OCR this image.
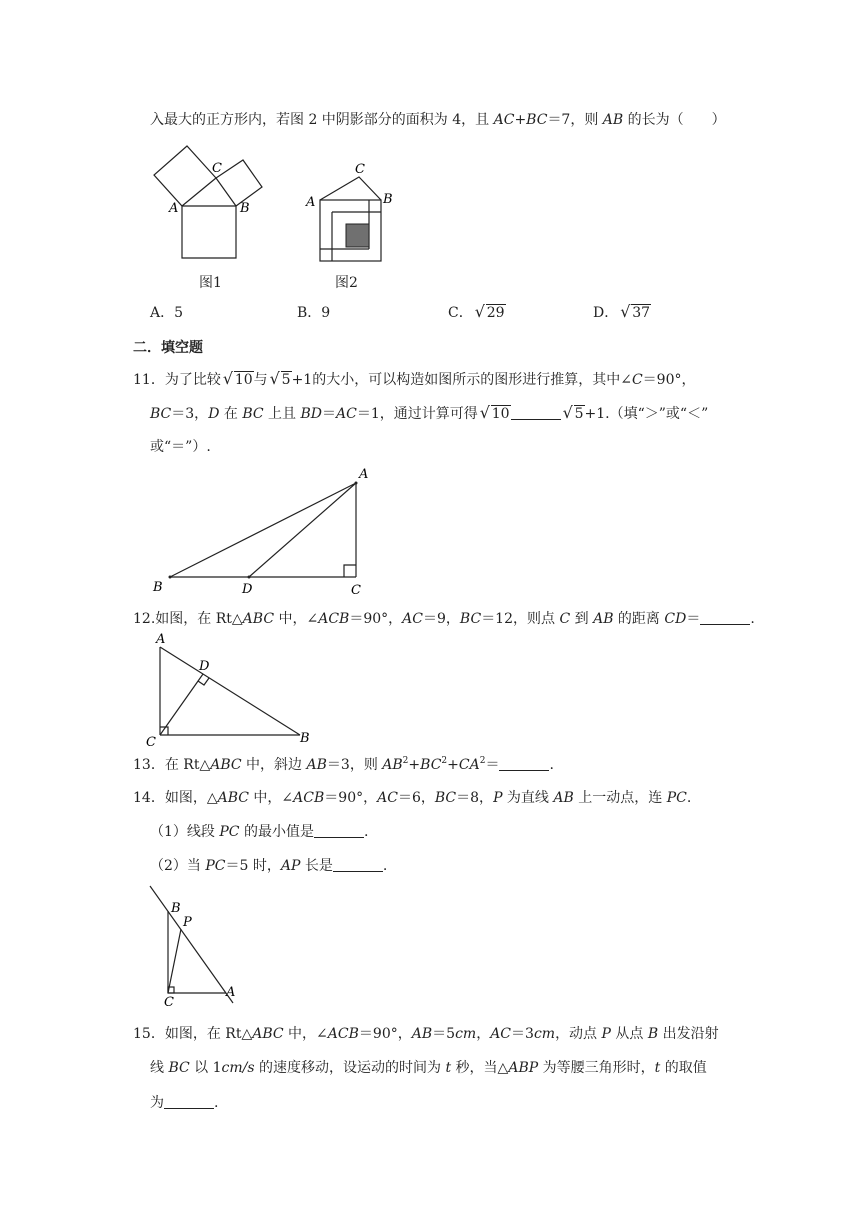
入最大的正方形内，若图 2 中阴影部分的面积为 4，且 AC+BC＝7，则 AB 的长为（　　）
C
A	B
图1
C
A	B
图2
A．5	B．9	C． √ 29	D． √ 37
二．填空题
11．为了比较 √ 10与 √ 5+1的大小，可以构造如图所示的图形进行推算，其中∠C＝90°，
BC＝3，D 在 BC 上且 BD＝AC＝1，通过计算可得 √ 10	√ 5+1.（填“＞”或“＜”
或“＝”）.
A
B	D	C
12.如图，在 Rt△ABC 中，∠ACB＝90°，AC＝9，BC＝12，则点 C 到 AB 的距离 CD＝	.
A
D
C	B
13．在 Rt△ABC 中，斜边 AB＝3，则 $AB^2+BC^2+CA^2=$	.
14．如图，△ABC 中，∠ACB＝90°，AC＝6，BC＝8，P 为直线 AB 上一动点，连 PC.
（1）线段 PC 的最小值是	.
（2）当 PC＝5 时，AP 长是	.
B
P
C
A
15．如图，在 Rt△ABC 中，∠ACB＝90°，AB＝5cm，AC＝3cm，动点 P 从点 B 出发沿射
线 BC 以 1cm/s 的速度移动，设运动的时间为 t 秒，当△ABP 为等腰三角形时，t 的取值
为	.
